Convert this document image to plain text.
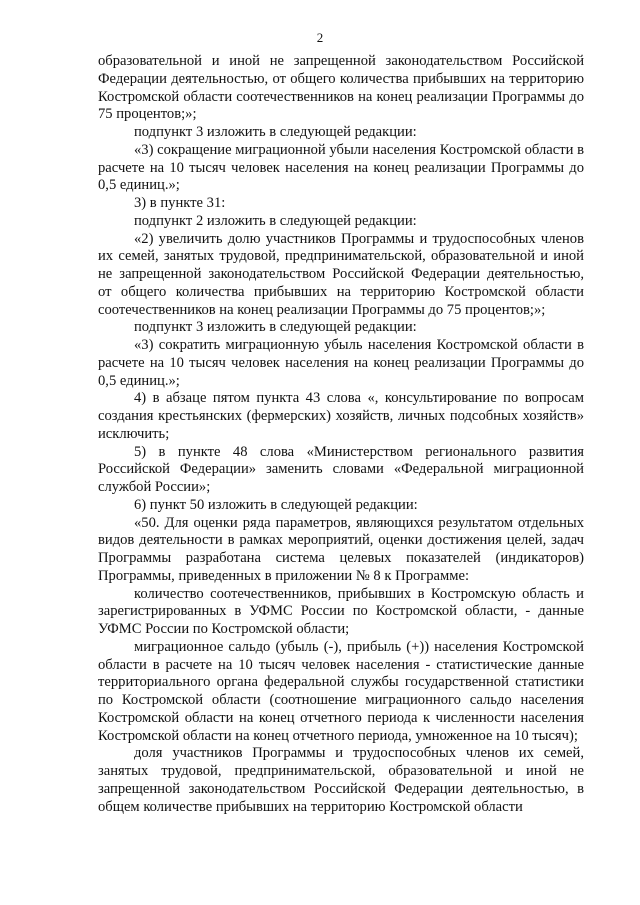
2

образовательной и иной не запрещенной законодательством Российской Федерации деятельностью, от общего количества прибывших на территорию Костромской области соотечественников на конец реализации Программы до 75 процентов;»;

подпункт 3 изложить в следующей редакции:

«3) сокращение миграционной убыли населения Костромской области в расчете на 10 тысяч человек населения на конец реализации Программы до 0,5 единиц.»;

3) в пункте 31:

подпункт 2 изложить в следующей редакции:

«2) увеличить долю участников Программы и трудоспособных членов их семей, занятых трудовой, предпринимательской, образовательной и иной не запрещенной законодательством Российской Федерации деятельностью, от общего количества прибывших на территорию Костромской области соотечественников на конец реализации Программы до 75 процентов;»;

подпункт 3 изложить в следующей редакции:

«3) сократить миграционную убыль населения Костромской области в расчете на 10 тысяч человек населения на конец реализации Программы до 0,5 единиц.»;

4) в абзаце пятом пункта 43 слова «, консультирование по вопросам создания крестьянских (фермерских) хозяйств, личных подсобных хозяйств» исключить;

5) в пункте 48 слова «Министерством регионального развития Российской Федерации» заменить словами «Федеральной миграционной службой России»;

6) пункт 50 изложить в следующей редакции:

«50. Для оценки ряда параметров, являющихся результатом отдельных видов деятельности в рамках мероприятий, оценки достижения целей, задач Программы разработана система целевых показателей (индикаторов) Программы, приведенных в приложении № 8 к Программе:

количество соотечественников, прибывших в Костромскую область и зарегистрированных в УФМС России по Костромской области, - данные УФМС России по Костромской области;

миграционное сальдо (убыль (-), прибыль (+)) населения Костромской области в расчете на 10 тысяч человек населения - статистические данные территориального органа федеральной службы государственной статистики по Костромской области (соотношение миграционного сальдо населения Костромской области на конец отчетного периода к численности населения Костромской области на конец отчетного периода, умноженное на 10 тысяч);

доля участников Программы и трудоспособных членов их семей, занятых трудовой, предпринимательской, образовательной и иной не запрещенной законодательством Российской Федерации деятельностью, в общем количестве прибывших на территорию Костромской области
